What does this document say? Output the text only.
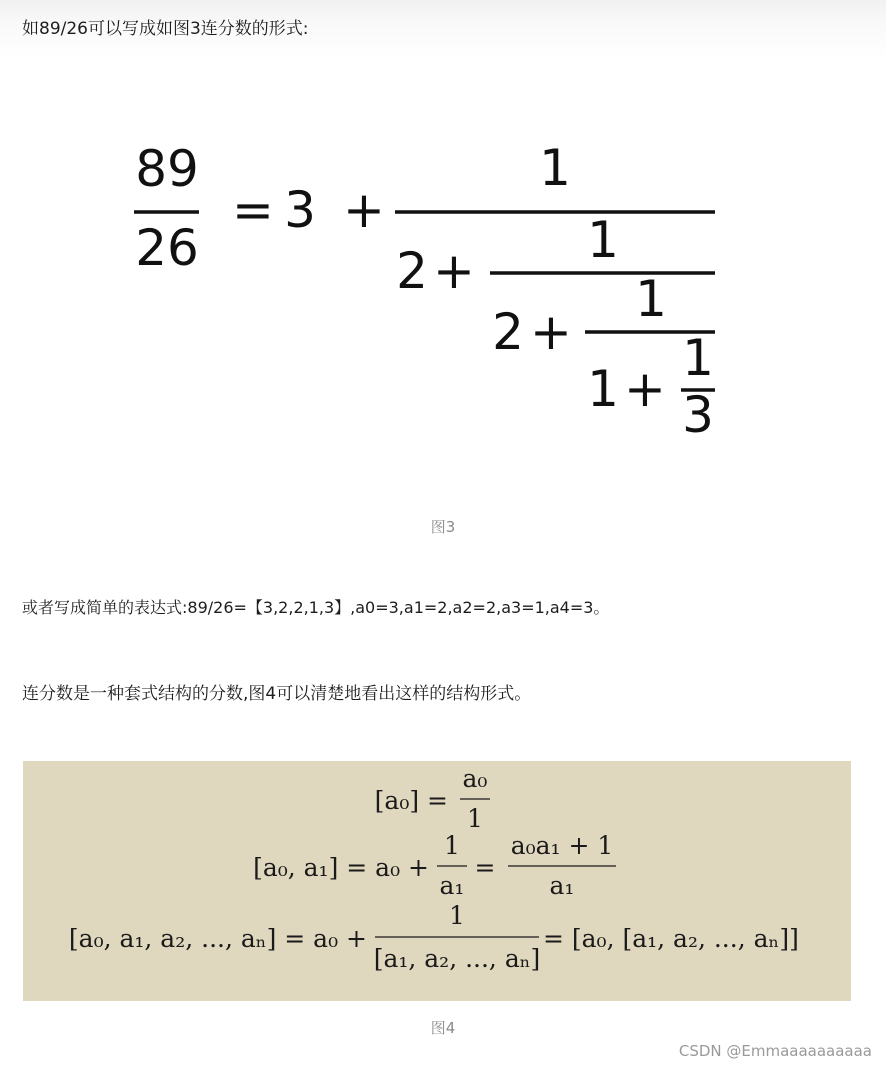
如89/26可以写成如图3连分数的形式:
89
26
= 3 +
1
2 +
1
2 +
1
1 +
1
3
图3
或者写成简单的表达式:89/26=【3,2,2,1,3】,a0=3,a1=2,a2=2,a3=1,a4=3。
连分数是一种套式结构的分数,图4可以清楚地看出这样的结构形式。
[a₀] =
a₀
1
[a₀, a₁] = a₀ +
1
a₁
=
a₀a₁ + 1
a₁
[a₀, a₁, a₂, ..., aₙ] = a₀ +
1
[a₁, a₂, ..., aₙ]
= [a₀, [a₁, a₂, ..., aₙ]]
图4
CSDN @Emmaaaaaaaaaa
